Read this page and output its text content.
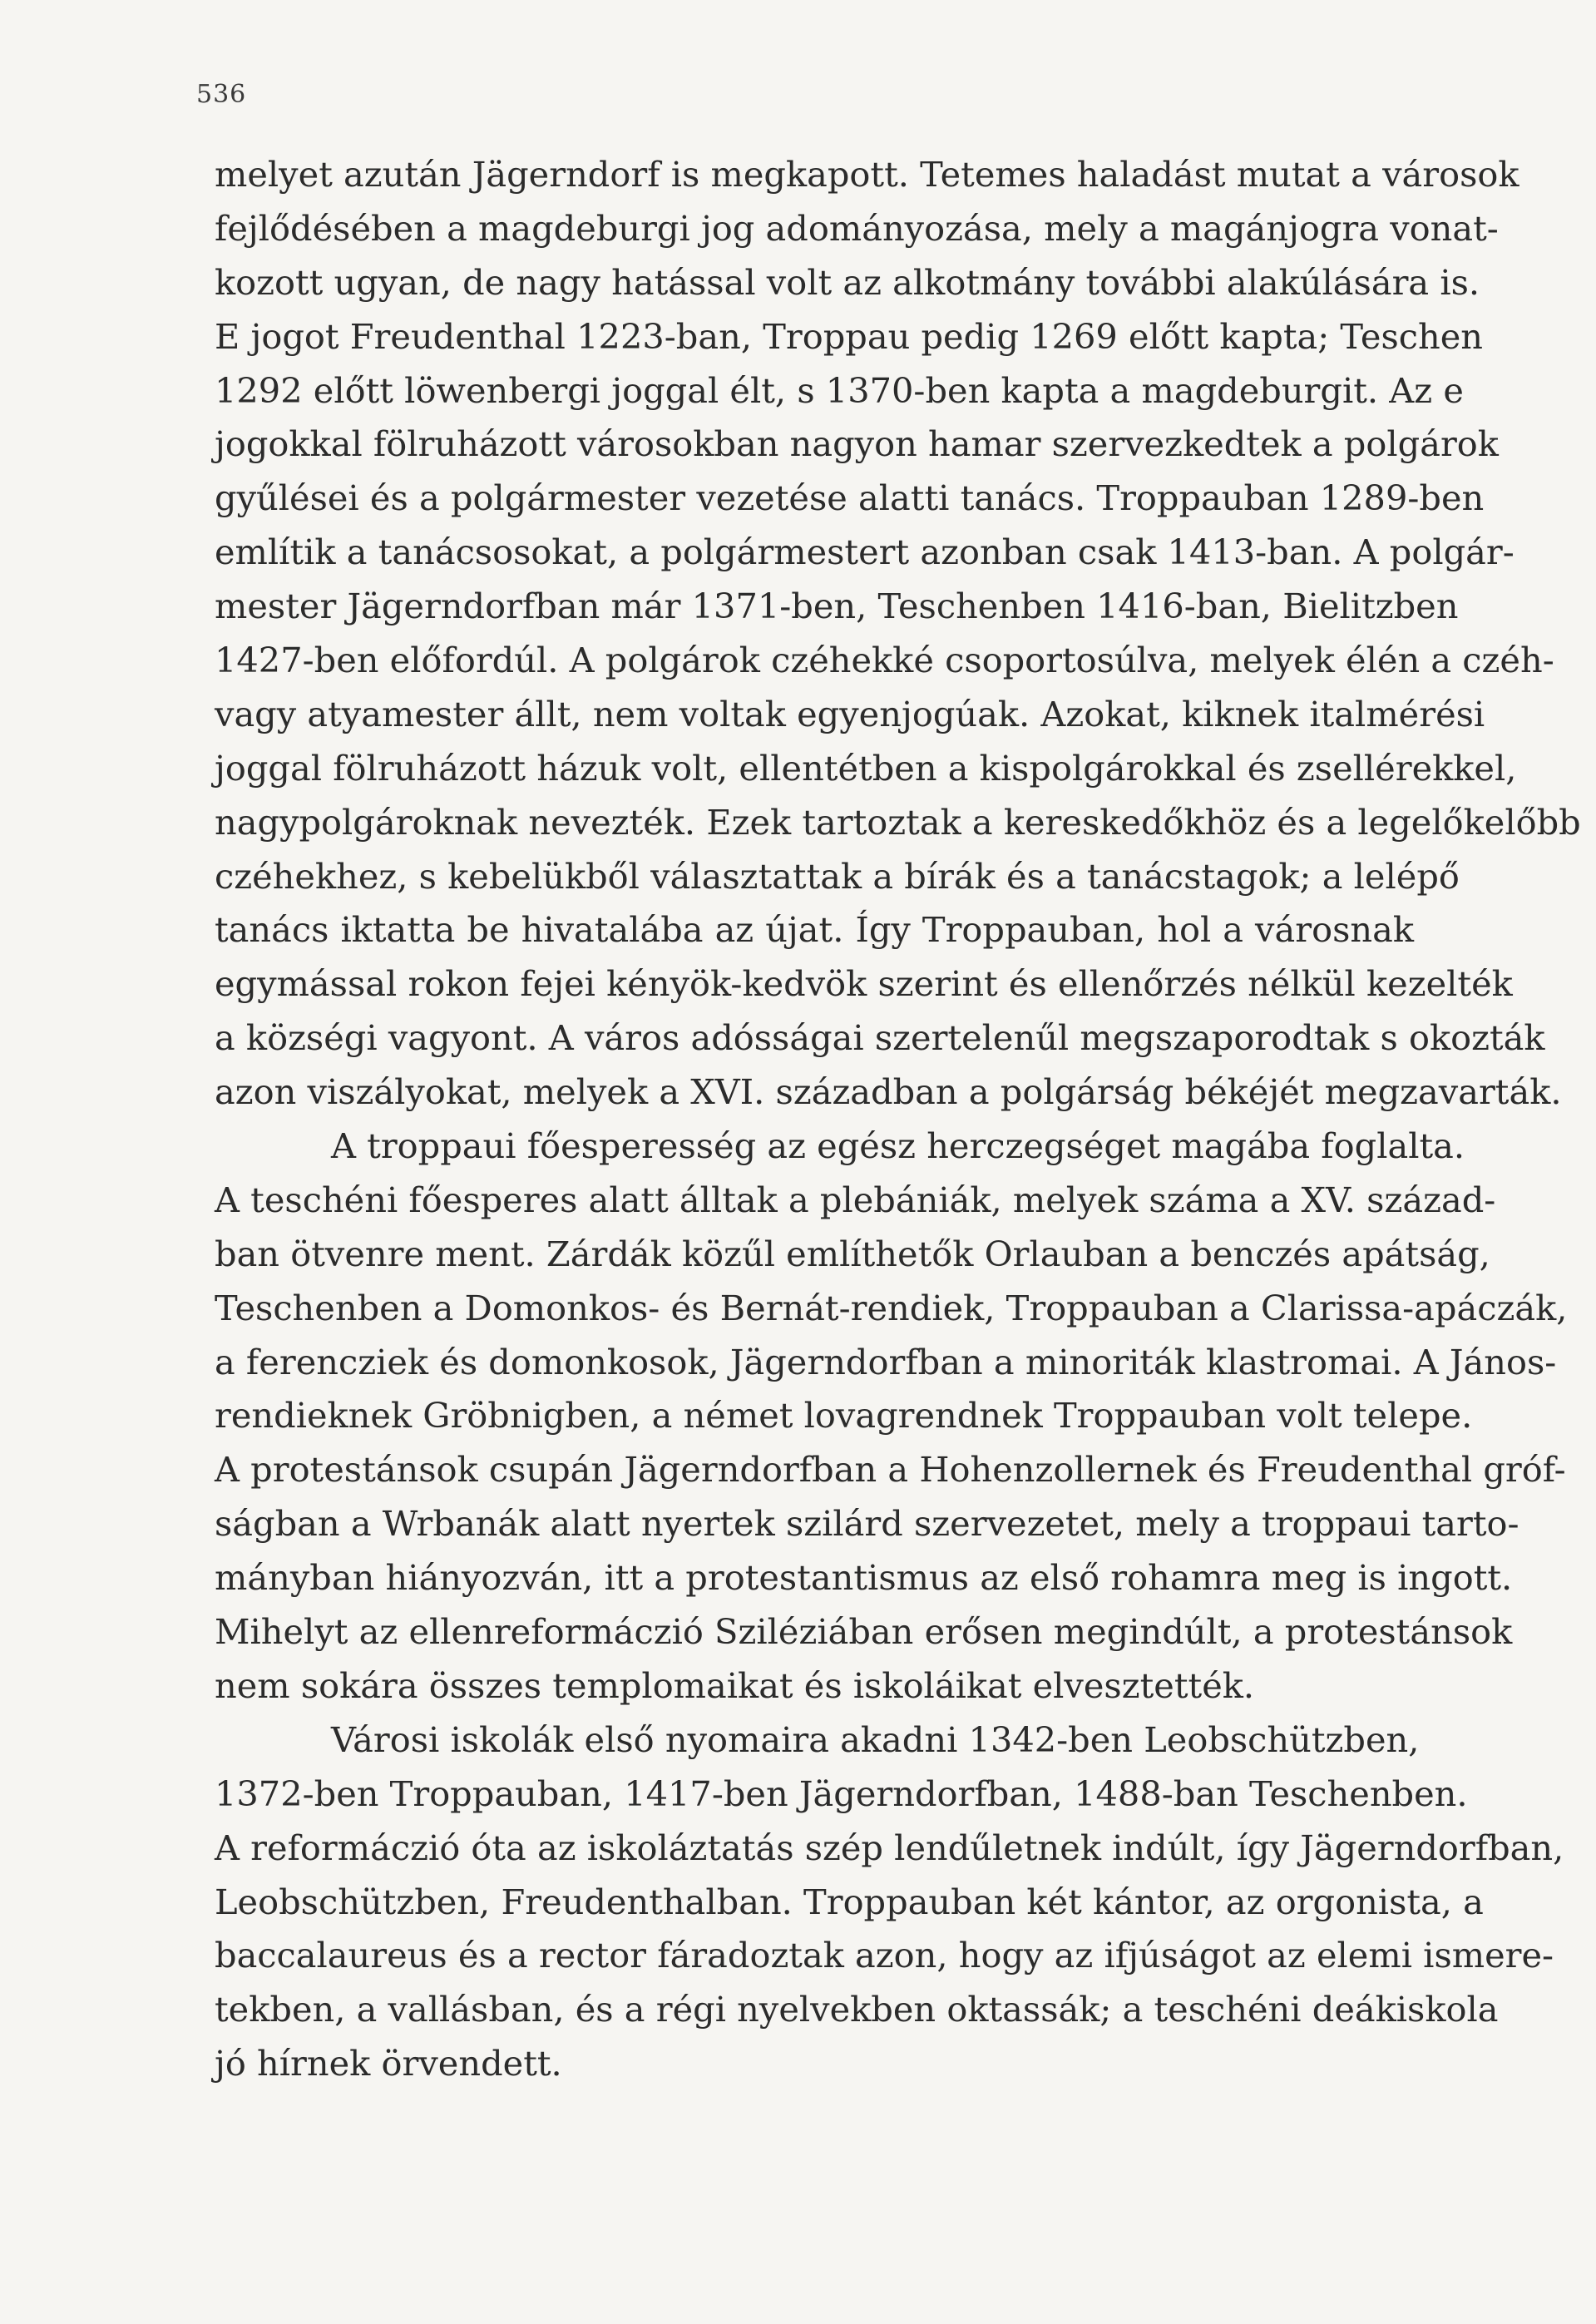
536
melyet azután Jägerndorf is megkapott. Tetemes haladást mutat a városok
fejlődésében a magdeburgi jog adományozása, mely a magánjogra vonat-
kozott ugyan, de nagy hatással volt az alkotmány további alakúlására is.
E jogot Freudenthal 1223-ban, Troppau pedig 1269 előtt kapta; Teschen
1292 előtt löwenbergi joggal élt, s 1370-ben kapta a magdeburgit. Az e
jogokkal fölruházott városokban nagyon hamar szervezkedtek a polgárok
gyűlései és a polgármester vezetése alatti tanács. Troppauban 1289-ben
említik a tanácsosokat, a polgármestert azonban csak 1413-ban. A polgár-
mester Jägerndorfban már 1371-ben, Teschenben 1416-ban, Bielitzben
1427-ben előfordúl. A polgárok czéhekké csoportosúlva, melyek élén a czéh-
vagy atyamester állt, nem voltak egyenjogúak. Azokat, kiknek italmérési
joggal fölruházott házuk volt, ellentétben a kispolgárokkal és zsellérekkel,
nagypolgároknak nevezték. Ezek tartoztak a kereskedőkhöz és a legelőkelőbb
czéhekhez, s kebelükből választattak a bírák és a tanácstagok; a lelépő
tanács iktatta be hivatalába az újat. Így Troppauban, hol a városnak
egymással rokon fejei kényök-kedvök szerint és ellenőrzés nélkül kezelték
a községi vagyont. A város adósságai szertelenűl megszaporodtak s okozták
azon viszályokat, melyek a XVI. században a polgárság békéjét megzavarták.
A troppaui főesperesség az egész herczegséget magába foglalta.
A teschéni főesperes alatt álltak a plebániák, melyek száma a XV. század-
ban ötvenre ment. Zárdák közűl említhetők Orlauban a benczés apátság,
Teschenben a Domonkos- és Bernát-rendiek, Troppauban a Clarissa-apáczák,
a ferencziek és domonkosok, Jägerndorfban a minoriták klastromai. A János-
rendieknek Gröbnigben, a német lovagrendnek Troppauban volt telepe.
A protestánsok csupán Jägerndorfban a Hohenzollernek és Freudenthal gróf-
ságban a Wrbanák alatt nyertek szilárd szervezetet, mely a troppaui tarto-
mányban hiányozván, itt a protestantismus az első rohamra meg is ingott.
Mihelyt az ellenreformáczió Sziléziában erősen megindúlt, a protestánsok
nem sokára összes templomaikat és iskoláikat elvesztették.
Városi iskolák első nyomaira akadni 1342-ben Leobschützben,
1372-ben Troppauban, 1417-ben Jägerndorfban, 1488-ban Teschenben.
A reformáczió óta az iskoláztatás szép lendűletnek indúlt, így Jägerndorfban,
Leobschützben, Freudenthalban. Troppauban két kántor, az orgonista, a
baccalaureus és a rector fáradoztak azon, hogy az ifjúságot az elemi ismere-
tekben, a vallásban, és a régi nyelvekben oktassák; a teschéni deákiskola
jó hírnek örvendett.
